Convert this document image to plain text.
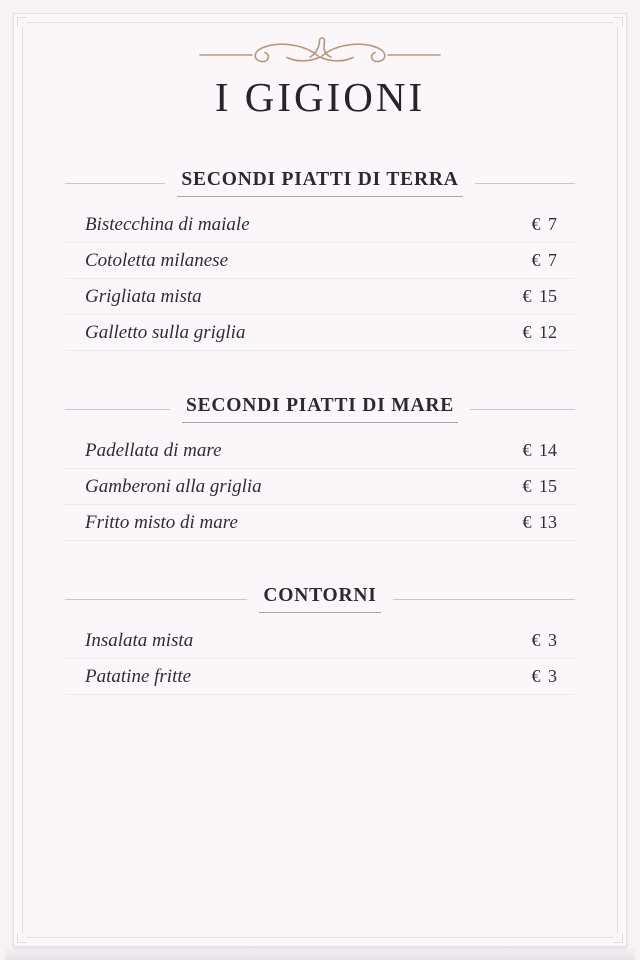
I GIGIONI
SECONDI PIATTI DI TERRA
Bistecchina di maiale	€ 7
Cotoletta milanese	€ 7
Grigliata mista	€ 15
Galletto sulla griglia	€ 12
SECONDI PIATTI DI MARE
Padellata di mare	€ 14
Gamberoni alla griglia	€ 15
Fritto misto di mare	€ 13
CONTORNI
Insalata mista	€ 3
Patatine fritte	€ 3
